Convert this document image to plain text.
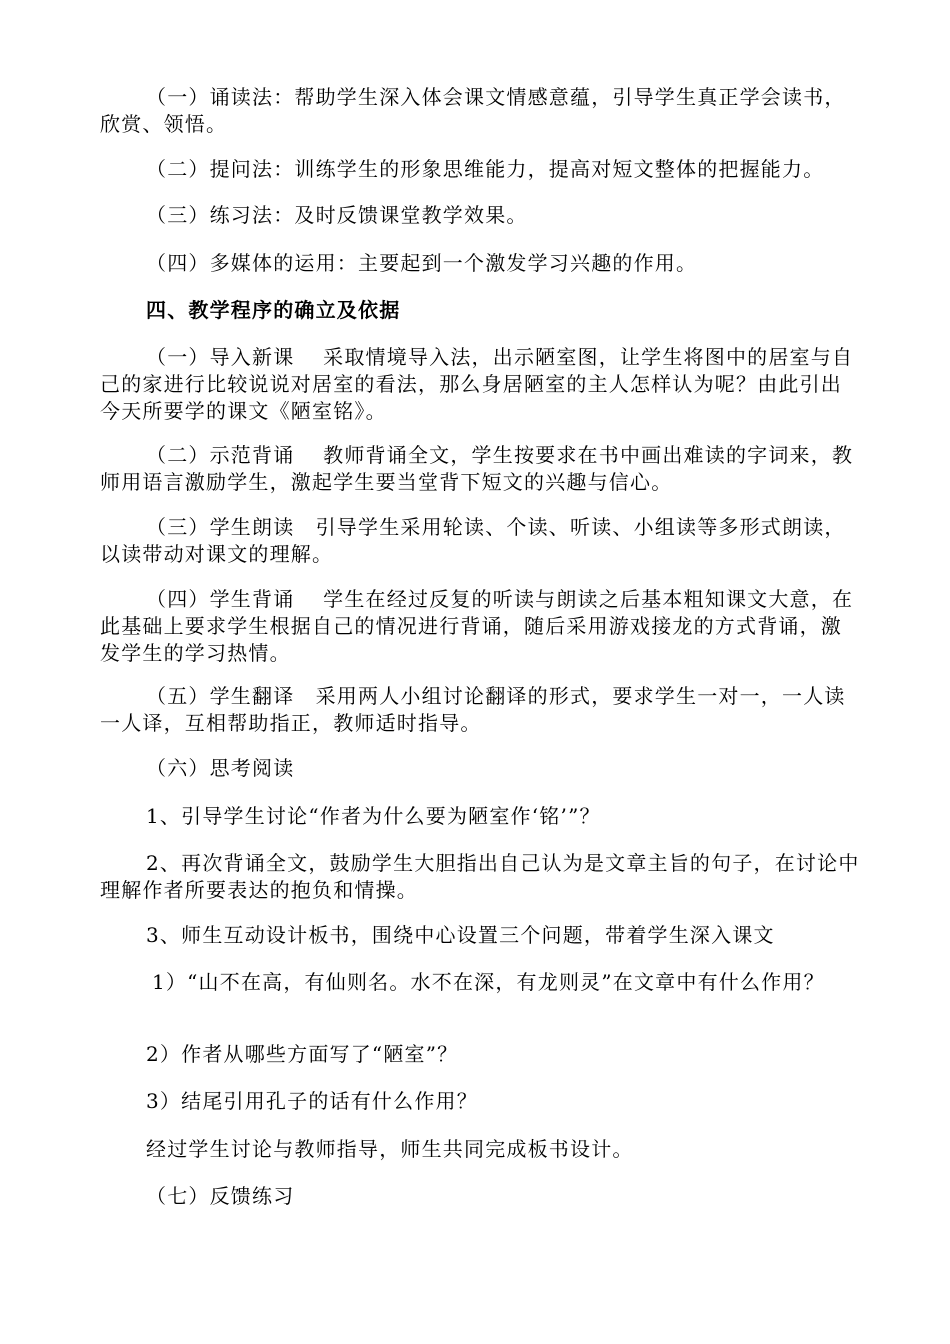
（一）诵读法：帮助学生深入体会课文情感意蕴，引导学生真正学会读书，欣赏、领悟。

（二）提问法：训练学生的形象思维能力，提高对短文整体的把握能力。

（三）练习法：及时反馈课堂教学效果。

（四）多媒体的运用：主要起到一个激发学习兴趣的作用。

四、教学程序的确立及依据

（一）导入新课　 采取情境导入法，出示陋室图，让学生将图中的居室与自己的家进行比较说说对居室的看法，那么身居陋室的主人怎样认为呢？由此引出今天所要学的课文《陋室铭》。

（二）示范背诵　 教师背诵全文，学生按要求在书中画出难读的字词来，教师用语言激励学生，激起学生要当堂背下短文的兴趣与信心。

（三）学生朗读　引导学生采用轮读、个读、听读、小组读等多形式朗读，以读带动对课文的理解。

（四）学生背诵　 学生在经过反复的听读与朗读之后基本粗知课文大意，在此基础上要求学生根据自己的情况进行背诵，随后采用游戏接龙的方式背诵，激发学生的学习热情。

（五）学生翻译　采用两人小组讨论翻译的形式，要求学生一对一，一人读一人译，互相帮助指正，教师适时指导。

（六）思考阅读

1、引导学生讨论“作者为什么要为陋室作‘铭’”？

2、再次背诵全文，鼓励学生大胆指出自己认为是文章主旨的句子，在讨论中理解作者所要表达的抱负和情操。

3、师生互动设计板书，围绕中心设置三个问题，带着学生深入课文

1）“山不在高，有仙则名。水不在深，有龙则灵”在文章中有什么作用？

2）作者从哪些方面写了“陋室”？

3）结尾引用孔子的话有什么作用？

经过学生讨论与教师指导，师生共同完成板书设计。

（七）反馈练习
